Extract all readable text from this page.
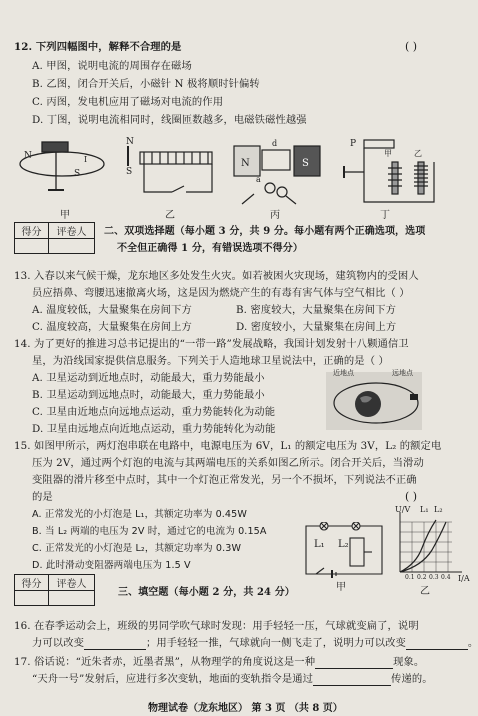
12. 下列四幅图中，解释不合理的是	( )
A. 甲图，说明电流的周围存在磁场
B. 乙图，闭合开关后，小磁针 N 极将顺时针偏转
C. 丙图，发电机应用了磁场对电流的作用
D. 丁图，说明电流相同时，线圈匝数越多，电磁铁磁性越强
N
S
I
N
S
N	S
d
a
P
甲	乙
甲	乙	丙	丁
得分	评卷人
	二、双项选择题（每小题 3 分，共 9 分。每小题有两个正确选项，选项
不全但正确得 1 分，有错误选项不得分）
13. 入春以来气候干燥，龙东地区多处发生火灾。如若被困火灾现场，建筑物内的受困人
员应捂鼻、弯腰迅速撤离火场，这是因为燃烧产生的有毒有害气体与空气相比（ ）
A. 温度较低，大量聚集在房间下方	B. 密度较大，大量聚集在房间下方
C. 温度较高，大量聚集在房间上方	D. 密度较小，大量聚集在房间上方
14. 为了更好的推进习总书记提出的“一带一路”发展战略，我国计划发射十八颗通信卫
星，为沿线国家提供信息服务。下列关于人造地球卫星说法中，正确的是（ ）
A. 卫星运动到近地点时，动能最大，重力势能最小
B. 卫星运动到远地点时，动能最大，重力势能最小
C. 卫星由近地点向远地点运动，重力势能转化为动能
D. 卫星由远地点向近地点运动，重力势能转化为动能
近地点	远地点
15. 如图甲所示，两灯泡串联在电路中，电源电压为 6V，L₁ 的额定电压为 3V，L₂ 的额定电
压为 2V，通过两个灯泡的电流与其两端电压的关系如图乙所示。闭合开关后，当滑动
变阻器的滑片移至中点时，其中一个灯泡正常发光，另一个不损坏，下列说法不正确
的是	( )
A. 正常发光的小灯泡是 L₁，其额定功率为 0.45W
B. 当 L₂ 两端的电压为 2V 时，通过它的电流为 0.15A
C. 正常发光的小灯泡是 L₂，其额定功率为 0.3W
D. 此时滑动变阻器两端电压为 1.5 V
L₁ L₂
甲
U/V L₁ L₂
0.1 0.2 0.3 0.4 I/A
乙
得分	评卷人

三、填空题（每小题 2 分，共 24 分）
16. 在春季运动会上，班级的男同学吹气球时发现：用手轻轻一压，气球就变扁了，说明
力可以改变	；用手轻轻一推，气球就向一侧飞走了，说明力可以改变	。
17. 俗话说：“近朱者赤，近墨者黑”，从物理学的角度说这是一种	现象。
“天舟一号”发射后，应进行多次变轨，地面的变轨指令是通过	传递的。
物理试卷（龙东地区） 第 3 页 （共 8 页）
